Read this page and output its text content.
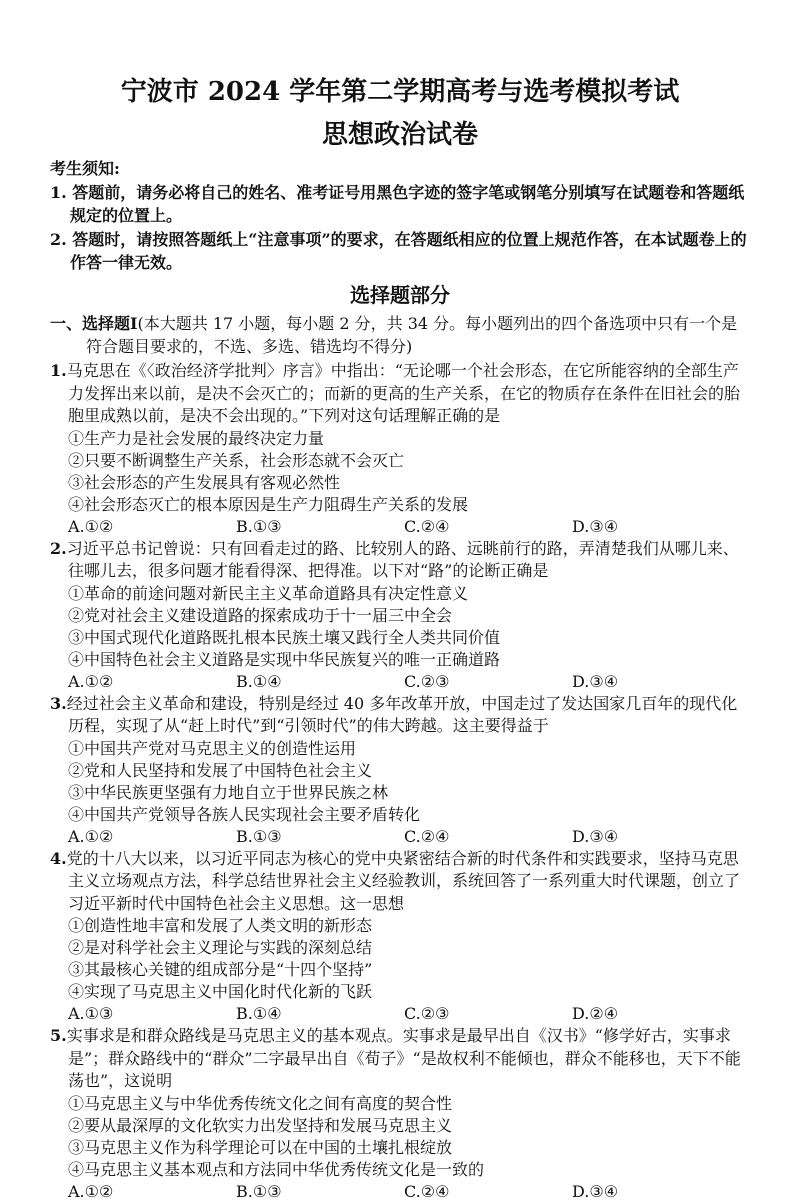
宁波市 2024 学年第二学期高考与选考模拟考试
思想政治试卷
考生须知:
1. 答题前，请务必将自己的姓名、准考证号用黑色字迹的签字笔或钢笔分别填写在试题卷和答题纸规定的位置上。
2. 答题时，请按照答题纸上“注意事项”的要求，在答题纸相应的位置上规范作答，在本试题卷上的作答一律无效。
选择题部分
一、选择题Ⅰ(本大题共 17 小题，每小题 2 分，共 34 分。每小题列出的四个备选项中只有一个是符合题目要求的，不选、多选、错选均不得分)
1.马克思在《〈政治经济学批判〉序言》中指出：“无论哪一个社会形态，在它所能容纳的全部生产力发挥出来以前，是决不会灭亡的；而新的更高的生产关系，在它的物质存在条件在旧社会的胎胞里成熟以前，是决不会出现的。”下列对这句话理解正确的是
①生产力是社会发展的最终决定力量
②只要不断调整生产关系，社会形态就不会灭亡
③社会形态的产生发展具有客观必然性
④社会形态灭亡的根本原因是生产力阻碍生产关系的发展
A.①②	B.①③	C.②④	D.③④
2.习近平总书记曾说：只有回看走过的路、比较别人的路、远眺前行的路，弄清楚我们从哪儿来、往哪儿去，很多问题才能看得深、把得准。以下对“路”的论断正确是
①革命的前途问题对新民主主义革命道路具有决定性意义
②党对社会主义建设道路的探索成功于十一届三中全会
③中国式现代化道路既扎根本民族土壤又践行全人类共同价值
④中国特色社会主义道路是实现中华民族复兴的唯一正确道路
A.①②	B.①④	C.②③	D.③④
3.经过社会主义革命和建设，特别是经过 40 多年改革开放，中国走过了发达国家几百年的现代化历程，实现了从“赶上时代”到“引领时代”的伟大跨越。这主要得益于
①中国共产党对马克思主义的创造性运用
②党和人民坚持和发展了中国特色社会主义
③中华民族更坚强有力地自立于世界民族之林
④中国共产党领导各族人民实现社会主要矛盾转化
A.①②	B.①③	C.②④	D.③④
4.党的十八大以来，以习近平同志为核心的党中央紧密结合新的时代条件和实践要求，坚持马克思主义立场观点方法，科学总结世界社会主义经验教训，系统回答了一系列重大时代课题，创立了习近平新时代中国特色社会主义思想。这一思想
①创造性地丰富和发展了人类文明的新形态
②是对科学社会主义理论与实践的深刻总结
③其最核心关键的组成部分是“十四个坚持”
④实现了马克思主义中国化时代化新的飞跃
A.①③	B.①④	C.②③	D.②④
5.实事求是和群众路线是马克思主义的基本观点。实事求是最早出自《汉书》“修学好古，实事求是”；群众路线中的“群众”二字最早出自《荀子》“是故权利不能倾也，群众不能移也，天下不能荡也”，这说明
①马克思主义与中华优秀传统文化之间有高度的契合性
②要从最深厚的文化软实力出发坚持和发展马克思主义
③马克思主义作为科学理论可以在中国的土壤扎根绽放
④马克思主义基本观点和方法同中华优秀传统文化是一致的
A.①②	B.①③	C.②④	D.③④
